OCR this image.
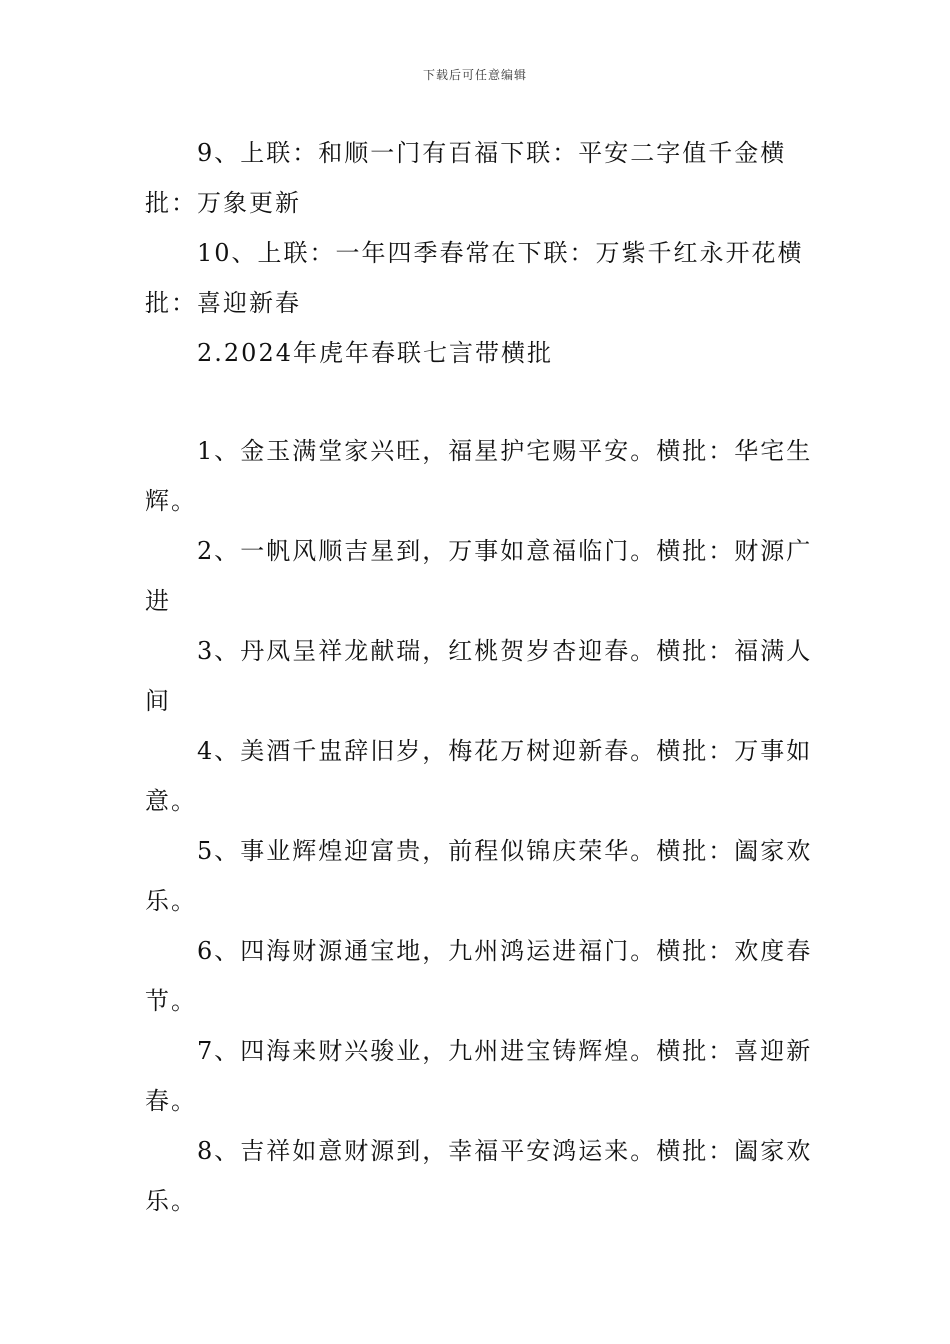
下载后可任意编辑

9、上联：和顺一门有百福下联：平安二字值千金横批：万象更新

10、上联：一年四季春常在下联：万紫千红永开花横批：喜迎新春

2.2024年虎年春联七言带横批

1、金玉满堂家兴旺，福星护宅赐平安。横批：华宅生辉。

2、一帆风顺吉星到，万事如意福临门。横批：财源广进

3、丹凤呈祥龙献瑞，红桃贺岁杏迎春。横批：福满人间

4、美酒千盅辞旧岁，梅花万树迎新春。横批：万事如意。

5、事业辉煌迎富贵，前程似锦庆荣华。横批：阖家欢乐。

6、四海财源通宝地，九州鸿运进福门。横批：欢度春节。

7、四海来财兴骏业，九州进宝铸辉煌。横批：喜迎新春。

8、吉祥如意财源到，幸福平安鸿运来。横批：阖家欢乐。
